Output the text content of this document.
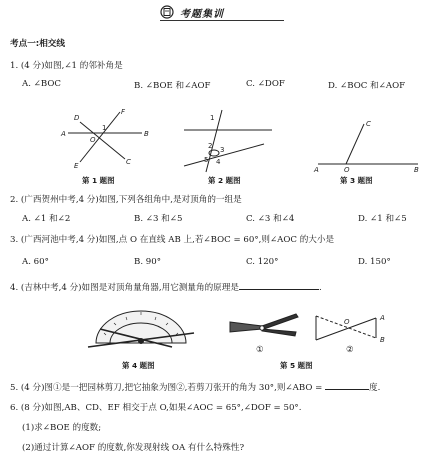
考题集训
考点一:相交线
1. (4 分)如图,∠1 的邻补角是
A. ∠BOC	B. ∠BOE 和∠AOF	C. ∠DOF	D. ∠BOC 和∠AOF
A	B
F
D
C
E
O
1
第 1 题图
1
2 3
5 4
第 2 题图
A	O	B
C
第 3 题图
2. (广西贺州中考,4 分)如图,下列各组角中,是对顶角的一组是
A. ∠1 和∠2	B. ∠3 和∠5	C. ∠3 和∠4	D. ∠1 和∠5
3. (广西河池中考,4 分)如图,点 O 在直线 AB 上,若∠BOC = 60°,则∠AOC 的大小是
A. 60°	B. 90°	C. 120°	D. 150°
4. (吉林中考,4 分)如图是对顶角量角器,用它测量角的原理是	.
第 4 题图
①
O	A
B
②
第 5 题图
5. (4 分)图①是一把园林剪刀,把它抽象为图②,若剪刀张开的角为 30°,则∠ABO =	度.
6. (8 分)如图,AB、CD、EF 相交于点 O,如果∠AOC = 65°,∠DOF = 50°.
(1)求∠BOE 的度数;
(2)通过计算∠AOF 的度数,你发现射线 OA 有什么特殊性?
